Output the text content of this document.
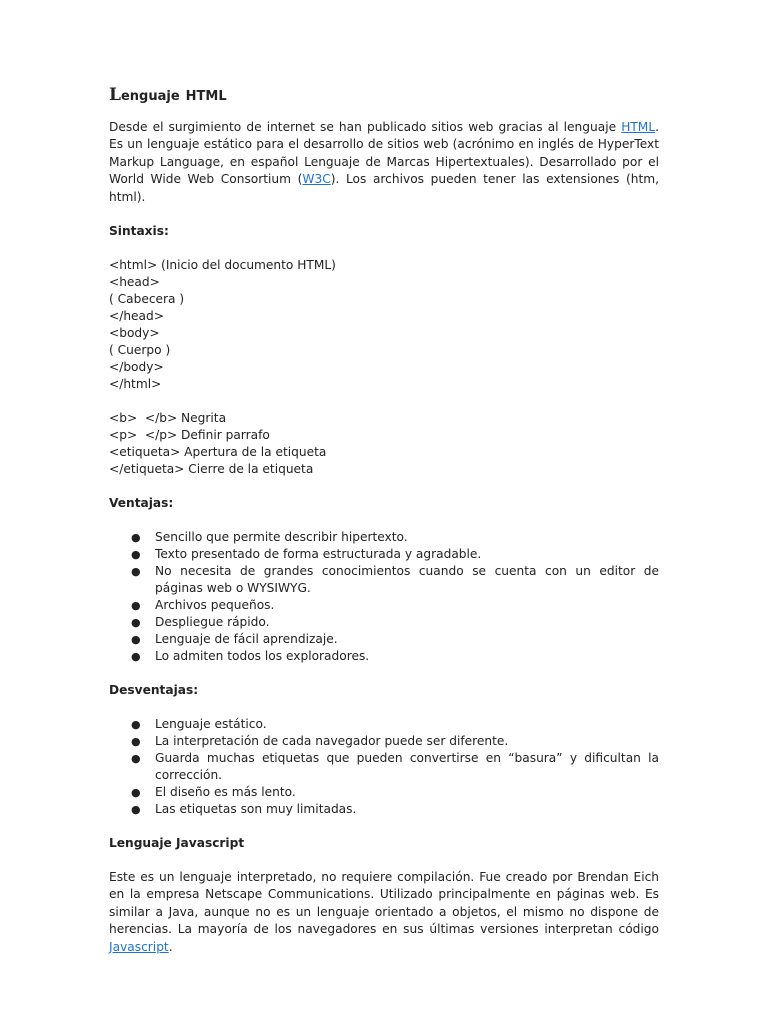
Lenguaje HTML

Desde el surgimiento de internet se han publicado sitios web gracias al lenguaje HTML. Es un lenguaje estático para el desarrollo de sitios web (acrónimo en inglés de HyperText Markup Language, en español Lenguaje de Marcas Hipertextuales). Desarrollado por el World Wide Web Consortium (W3C). Los archivos pueden tener las extensiones (htm, html).

Sintaxis:
<html> (Inicio del documento HTML)
<head>
( Cabecera )
</head>
<body>
( Cuerpo )
</body>
</html>
<b>  </b> Negrita
<p>  </p> Definir parrafo
<etiqueta> Apertura de la etiqueta
</etiqueta> Cierre de la etiqueta
Ventajas:
● Sencillo que permite describir hipertexto.
● Texto presentado de forma estructurada y agradable.
● No necesita de grandes conocimientos cuando se cuenta con un editor de páginas web o WYSIWYG.
● Archivos pequeños.
● Despliegue rápido.
● Lenguaje de fácil aprendizaje.
● Lo admiten todos los exploradores.
Desventajas:
● Lenguaje estático.
● La interpretación de cada navegador puede ser diferente.
● Guarda muchas etiquetas que pueden convertirse en “basura” y dificultan la corrección.
● El diseño es más lento.
● Las etiquetas son muy limitadas.
Lenguaje Javascript

Este es un lenguaje interpretado, no requiere compilación. Fue creado por Brendan Eich en la empresa Netscape Communications. Utilizado principalmente en páginas web. Es similar a Java, aunque no es un lenguaje orientado a objetos, el mismo no dispone de herencias. La mayoría de los navegadores en sus últimas versiones interpretan código Javascript.
